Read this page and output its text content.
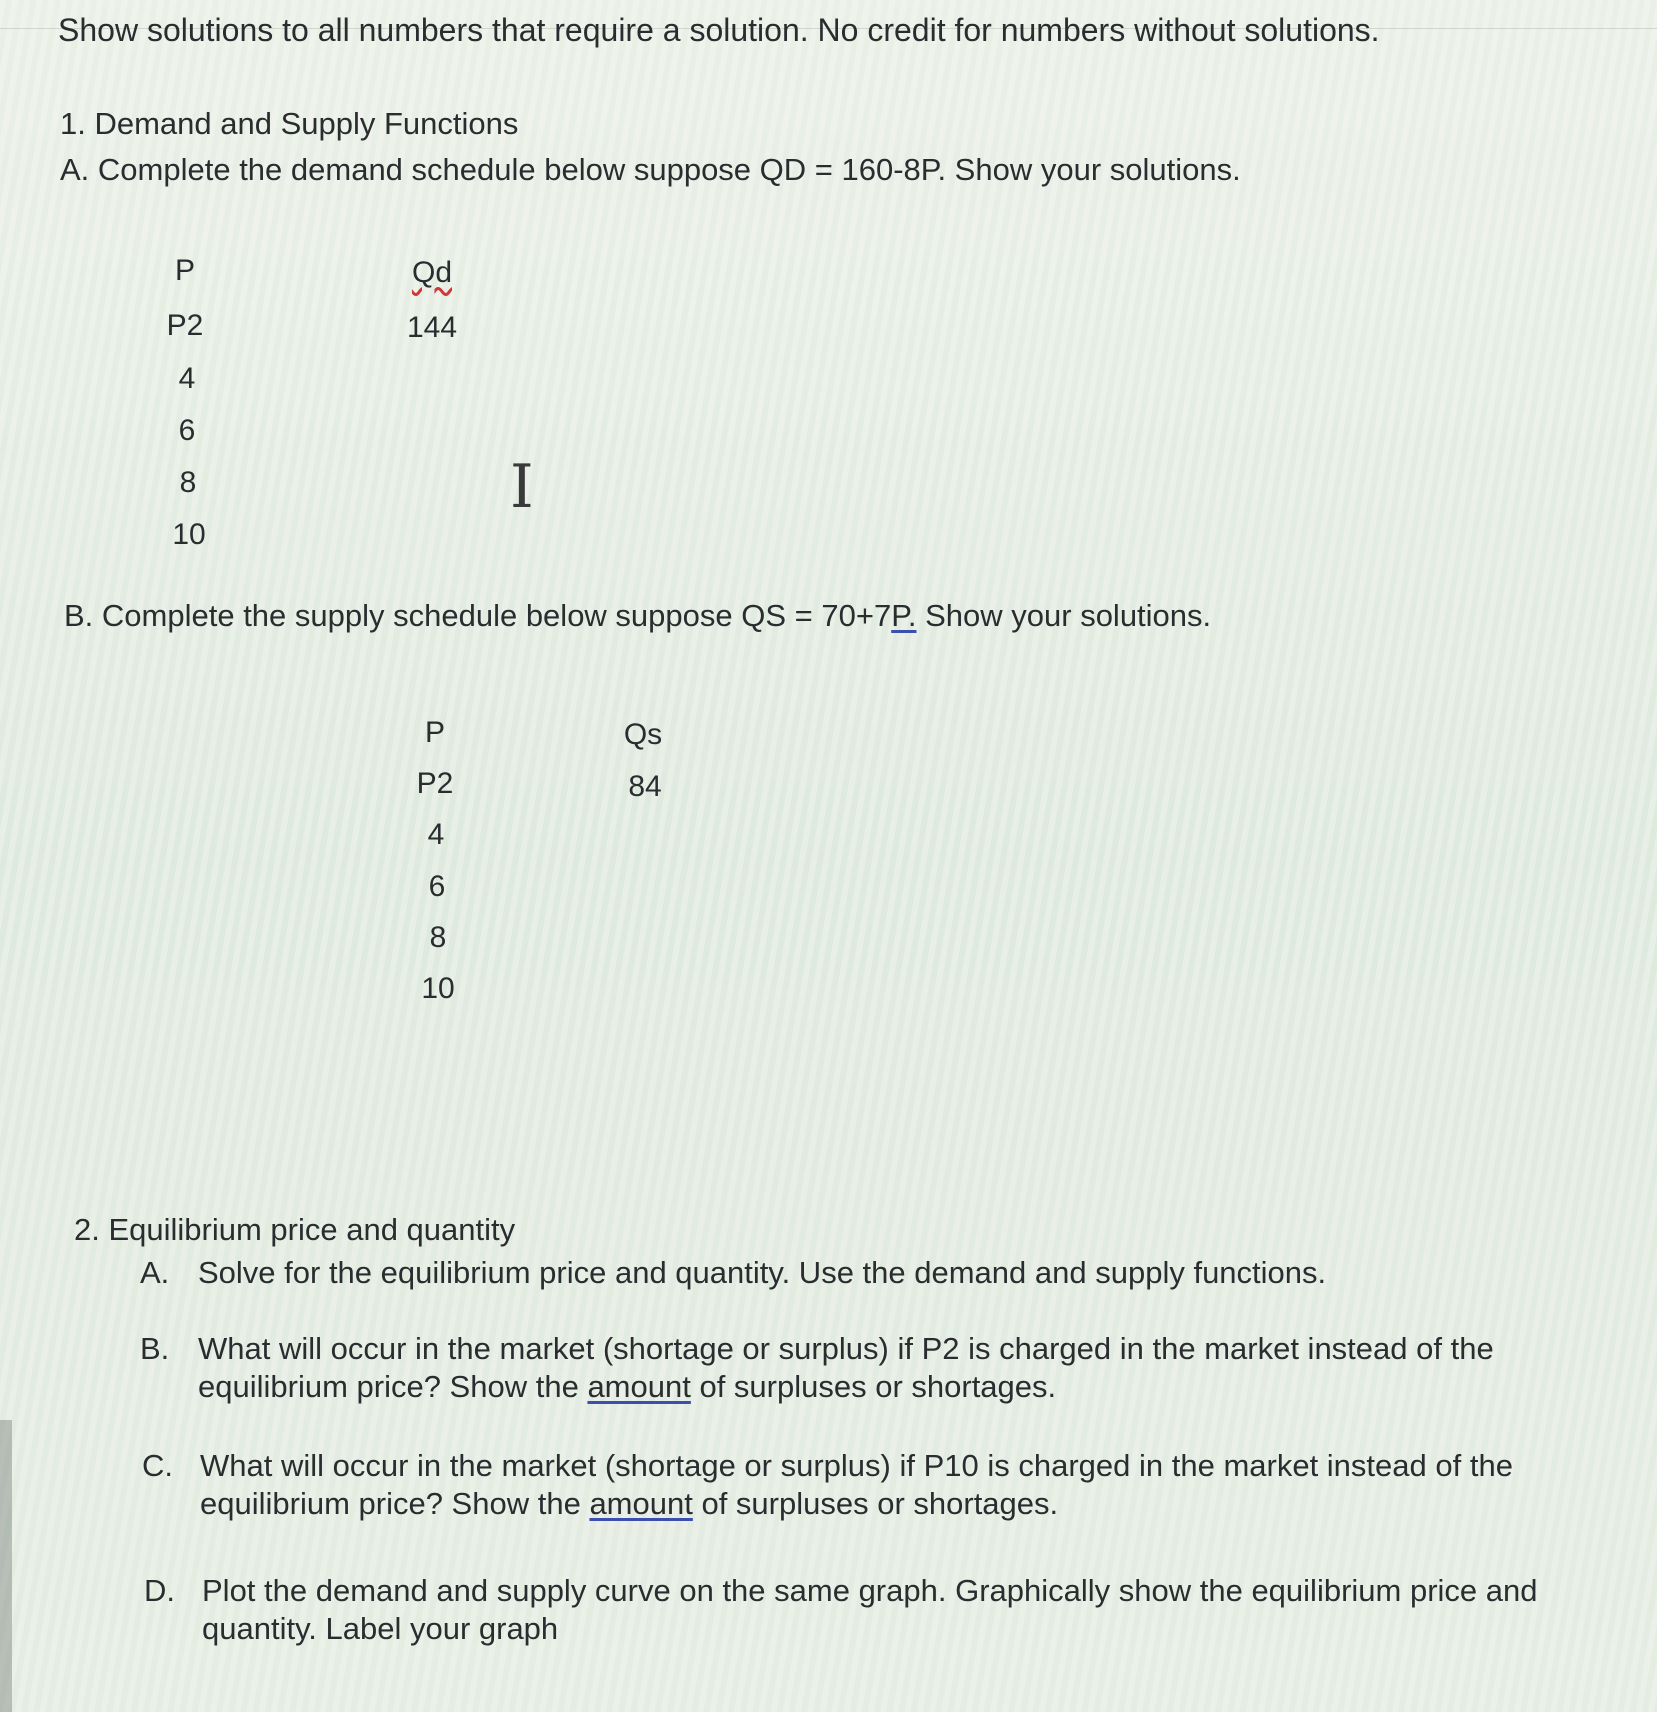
Show solutions to all numbers that require a solution. No credit for numbers without solutions.
1. Demand and Supply Functions
A. Complete the demand schedule below suppose QD = 160-8P. Show your solutions.
P	Qd
P2	144
4
6
8
10
I
B. Complete the supply schedule below suppose QS = 70+7P. Show your solutions.
P	Qs
P2	84
4
6
8
10
2. Equilibrium price and quantity
A. Solve for the equilibrium price and quantity. Use the demand and supply functions.
B. What will occur in the market (shortage or surplus) if P2 is charged in the market instead of the equilibrium price? Show the amount of surpluses or shortages.
C. What will occur in the market (shortage or surplus) if P10 is charged in the market instead of the equilibrium price? Show the amount of surpluses or shortages.
D. Plot the demand and supply curve on the same graph. Graphically show the equilibrium price and quantity. Label your graph
